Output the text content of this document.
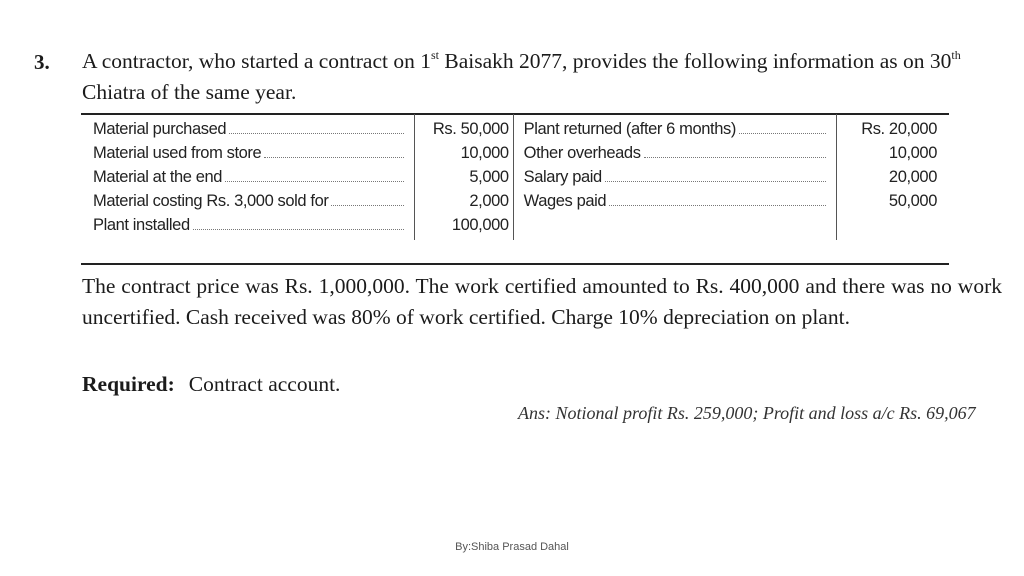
3. A contractor, who started a contract on 1st Baisakh 2077, provides the following information as on 30th Chiatra of the same year.
Material purchased	Rs. 50,000	Plant returned (after 6 months)	Rs. 20,000

Material used from store	10,000	Other overheads	10,000

Material at the end	5,000	Salary paid	20,000

Material costing Rs. 3,000 sold for	2,000	Wages paid	50,000

Plant installed	100,000		
The contract price was Rs. 1,000,000. The work certified amounted to Rs. 400,000 and there was no work uncertified. Cash received was 80% of work certified. Charge 10% depreciation on plant.
Required: Contract account.
Ans: Notional profit Rs. 259,000; Profit and loss a/c Rs. 69,067
By:Shiba Prasad Dahal
